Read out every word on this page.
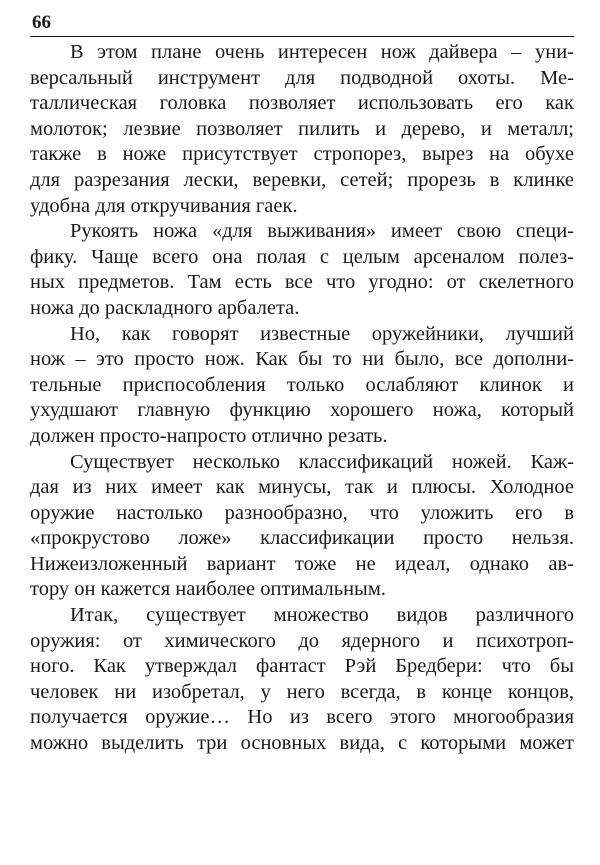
66
В этом плане очень интересен нож дайвера – уни-
версальный инструмент для подводной охоты. Ме-
таллическая головка позволяет использовать его как
молоток; лезвие позволяет пилить и дерево, и металл;
также в ноже присутствует стропорез, вырез на обухе
для разрезания лески, веревки, сетей; прорезь в клинке
удобна для откручивания гаек.
Рукоять ножа «для выживания» имеет свою специ-
фику. Чаще всего она полая с целым арсеналом полез-
ных предметов. Там есть все что угодно: от скелетного
ножа до раскладного арбалета.
Но, как говорят известные оружейники, лучший
нож – это просто нож. Как бы то ни было, все дополни-
тельные приспособления только ослабляют клинок и
ухудшают главную функцию хорошего ножа, который
должен просто-напросто отлично резать.
Существует несколько классификаций ножей. Каж-
дая из них имеет как минусы, так и плюсы. Холодное
оружие настолько разнообразно, что уложить его в
«прокрустово ложе» классификации просто нельзя.
Нижеизложенный вариант тоже не идеал, однако ав-
тору он кажется наиболее оптимальным.
Итак, существует множество видов различного
оружия: от химического до ядерного и психотроп-
ного. Как утверждал фантаст Рэй Бредбери: что бы
человек ни изобретал, у него всегда, в конце концов,
получается оружие… Но из всего этого многообразия
можно выделить три основных вида, с которыми может
